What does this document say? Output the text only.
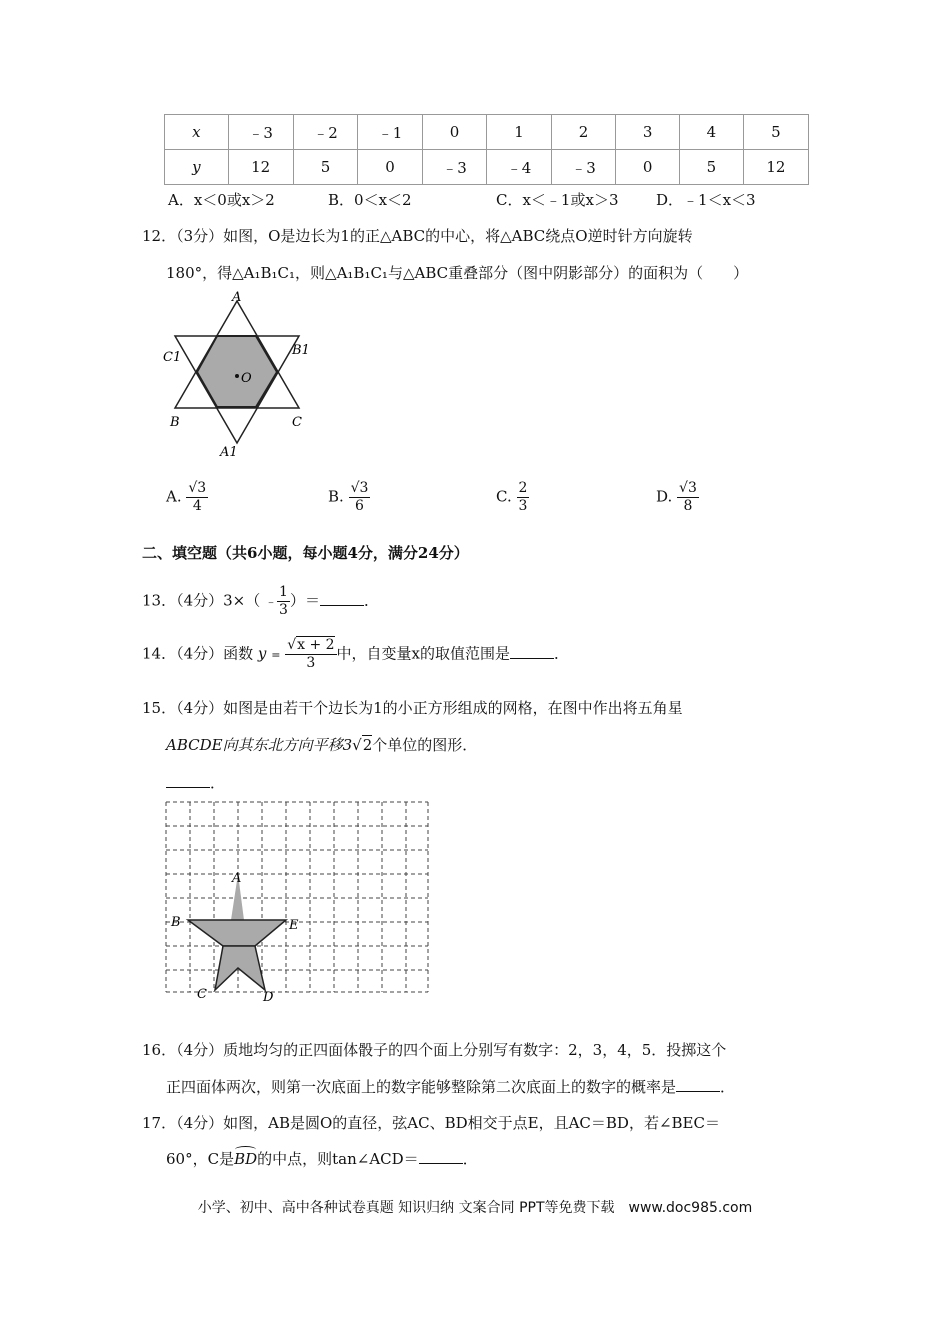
x	﹣3	﹣2	﹣1	0	1	2	3	4	5
y	12	5	0	﹣3	﹣4	﹣3	0	5	12
A．x＜0或x＞2	B．0＜x＜2	C．x＜﹣1或x＞3	D．﹣1＜x＜3
12．（3分）如图，O是边长为1的正△ABC的中心，将△ABC绕点O逆时针方向旋转
180°，得△A₁B₁C₁，则△A₁B₁C₁与△ABC重叠部分（图中阴影部分）的面积为（　　）
A
C1	B1
O
B	C
A1
A. $\frac{√3}{4}$	B. $\frac{√3}{6}$	C. $\frac{2}{3}$	D. $\frac{√3}{8}$
二、填空题（共6小题，每小题4分，满分24分）
13．（4分）3×（ ﹣ $\frac{1}{3}$ ）＝	．
14．（4分）函数 $y = \frac{√x + 2}{3}$ 中，自变量x的取值范围是	．
15．（4分）如图是由若干个边长为1的小正方形组成的网格，在图中作出将五角星
ABCDE向其东北方向平移3√2个单位的图形．
．
A
B	E
C	D
16．（4分）质地均匀的正四面体骰子的四个面上分别写有数字：2，3，4，5．投掷这个
正四面体两次，则第一次底面上的数字能够整除第二次底面上的数字的概率是	．
17．（4分）如图，AB是圆O的直径，弦AC、BD相交于点E，且AC＝BD，若∠BEC＝
60°，C是
BD的中点，则tan∠ACD＝	．
小学、初中、高中各种试卷真题 知识归纳 文案合同 PPT等免费下载　www.doc985.com
